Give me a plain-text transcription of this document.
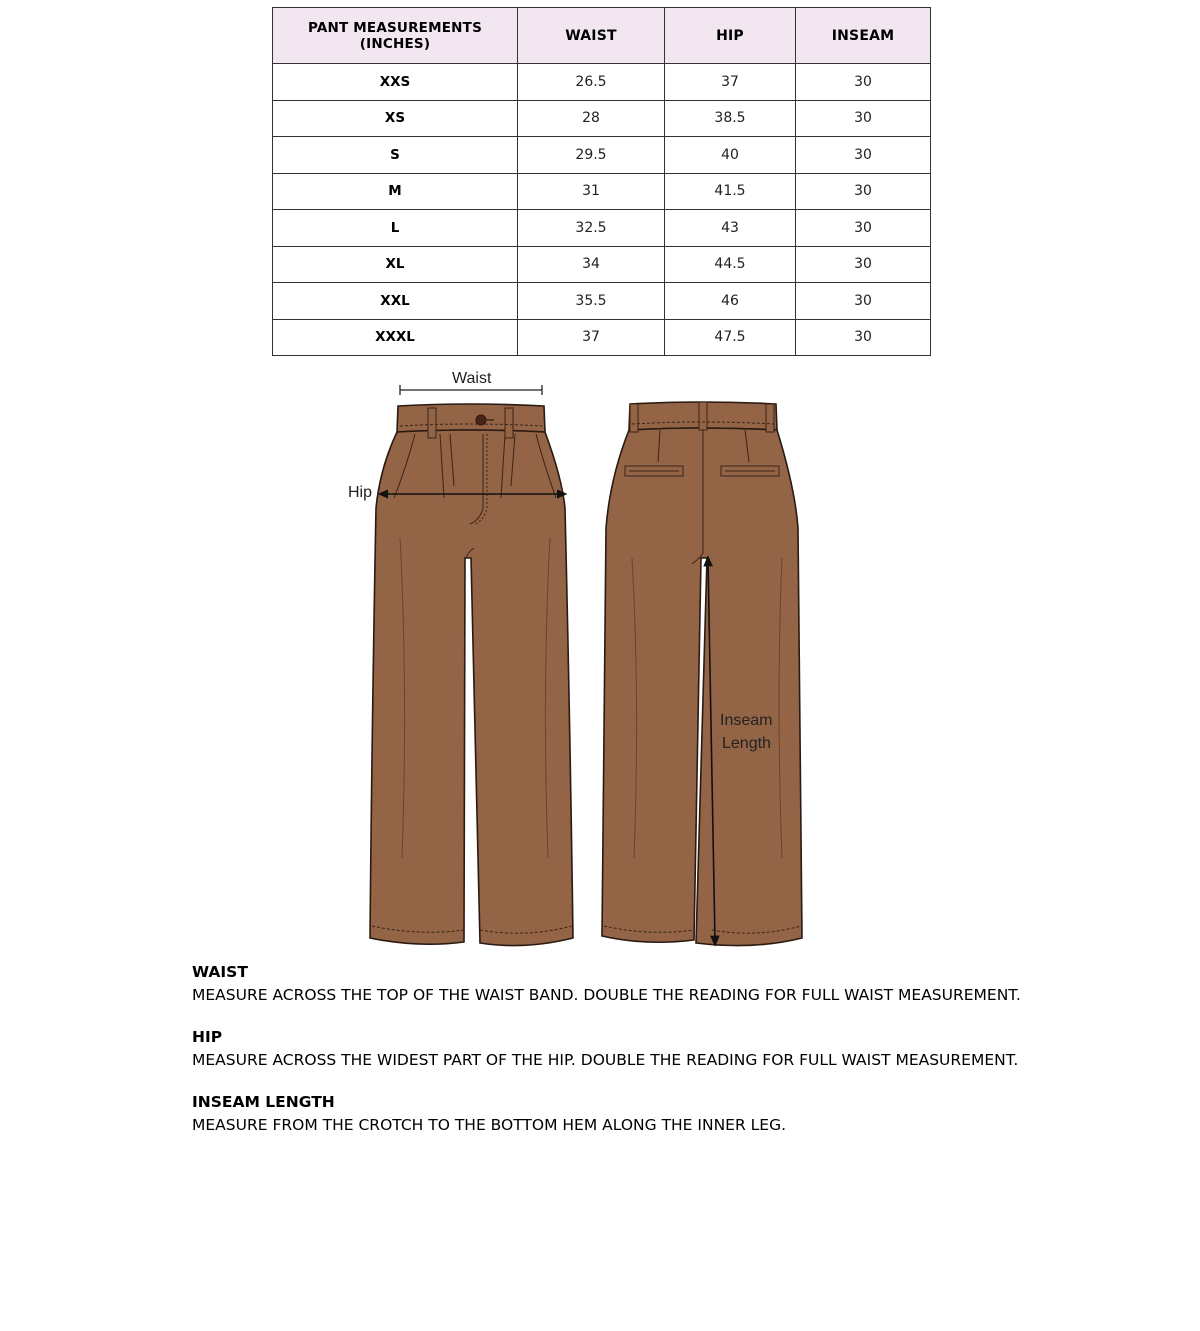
PANT MEASUREMENTS (INCHES)	WAIST	HIP	INSEAM
XXS	26.5	37	30
XS	28	38.5	30
S	29.5	40	30
M	31	41.5	30
L	32.5	43	30
XL	34	44.5	30
XXL	35.5	46	30
XXXL	37	47.5	30
Waist
Hip
Inseam
Length
WAIST

MEASURE ACROSS THE TOP OF THE WAIST BAND. DOUBLE THE READING FOR FULL WAIST MEASUREMENT.

HIP

MEASURE ACROSS THE WIDEST PART OF THE HIP. DOUBLE THE READING FOR FULL WAIST MEASUREMENT.

INSEAM LENGTH

MEASURE FROM THE CROTCH TO THE BOTTOM HEM ALONG THE INNER LEG.
